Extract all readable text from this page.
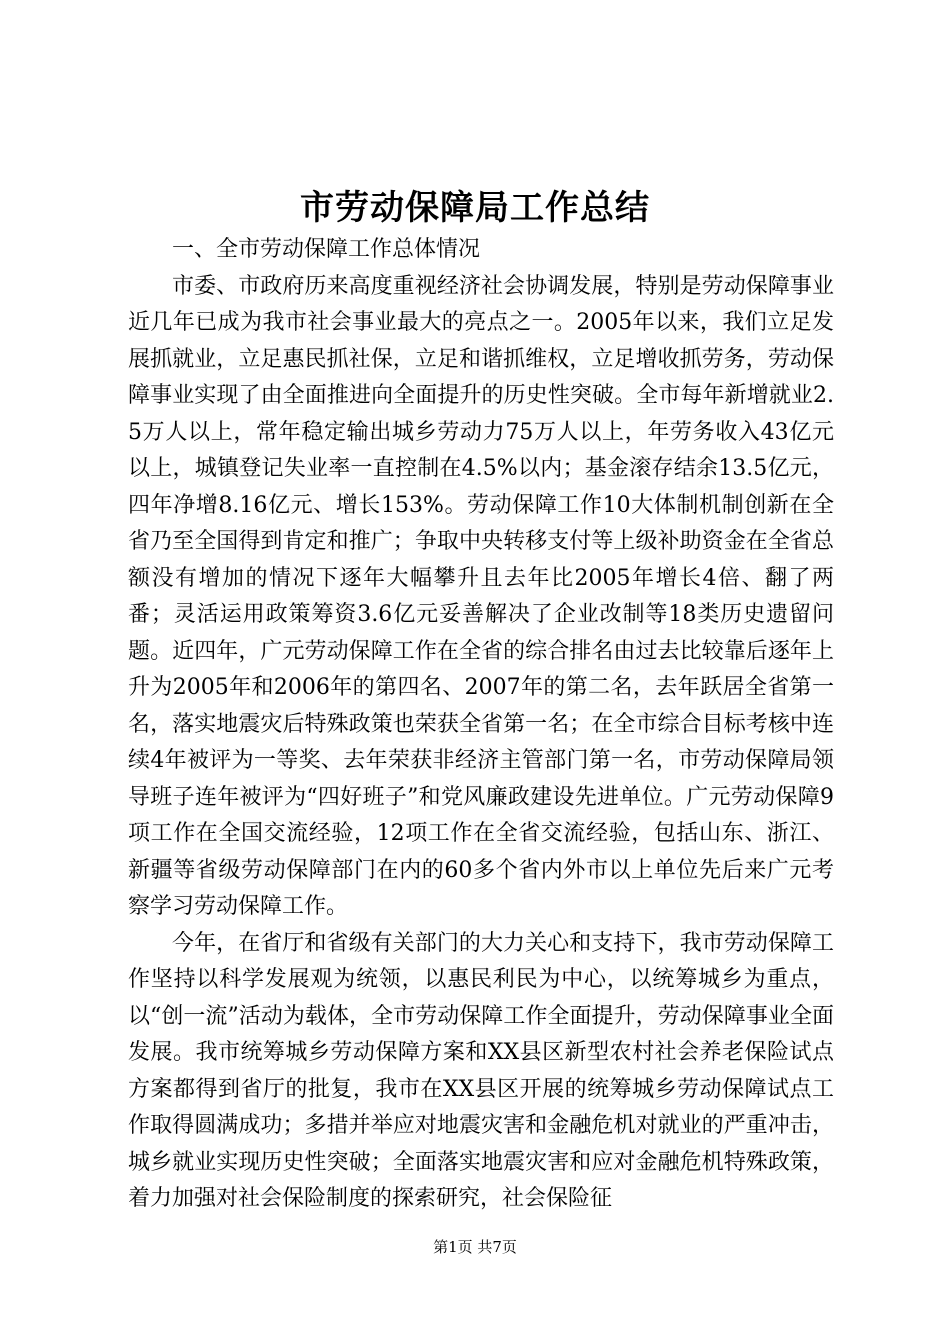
市劳动保障局工作总结

一、全市劳动保障工作总体情况

市委、市政府历来高度重视经济社会协调发展，特别是劳动保障事业近几年已成为我市社会事业最大的亮点之一。2005年以来，我们立足发展抓就业，立足惠民抓社保，立足和谐抓维权，立足增收抓劳务，劳动保障事业实现了由全面推进向全面提升的历史性突破。全市每年新增就业2.5万人以上，常年稳定输出城乡劳动力75万人以上，年劳务收入43亿元以上，城镇登记失业率一直控制在4.5%以内；基金滚存结余13.5亿元，四年净增8.16亿元、增长153%。劳动保障工作10大体制机制创新在全省乃至全国得到肯定和推广；争取中央转移支付等上级补助资金在全省总额没有增加的情况下逐年大幅攀升且去年比2005年增长4倍、翻了两番；灵活运用政策筹资3.6亿元妥善解决了企业改制等18类历史遗留问题。近四年，广元劳动保障工作在全省的综合排名由过去比较靠后逐年上升为2005年和2006年的第四名、2007年的第二名，去年跃居全省第一名，落实地震灾后特殊政策也荣获全省第一名；在全市综合目标考核中连续4年被评为一等奖、去年荣获非经济主管部门第一名，市劳动保障局领导班子连年被评为“四好班子”和党风廉政建设先进单位。广元劳动保障9项工作在全国交流经验，12项工作在全省交流经验，包括山东、浙江、新疆等省级劳动保障部门在内的60多个省内外市以上单位先后来广元考察学习劳动保障工作。

今年，在省厅和省级有关部门的大力关心和支持下，我市劳动保障工作坚持以科学发展观为统领，以惠民利民为中心，以统筹城乡为重点，以“创一流”活动为载体，全市劳动保障工作全面提升，劳动保障事业全面发展。我市统筹城乡劳动保障方案和XX县区新型农村社会养老保险试点方案都得到省厅的批复，我市在XX县区开展的统筹城乡劳动保障试点工作取得圆满成功；多措并举应对地震灾害和金融危机对就业的严重冲击，城乡就业实现历史性突破；全面落实地震灾害和应对金融危机特殊政策，着力加强对社会保险制度的探索研究，社会保险征

第1页 共7页
